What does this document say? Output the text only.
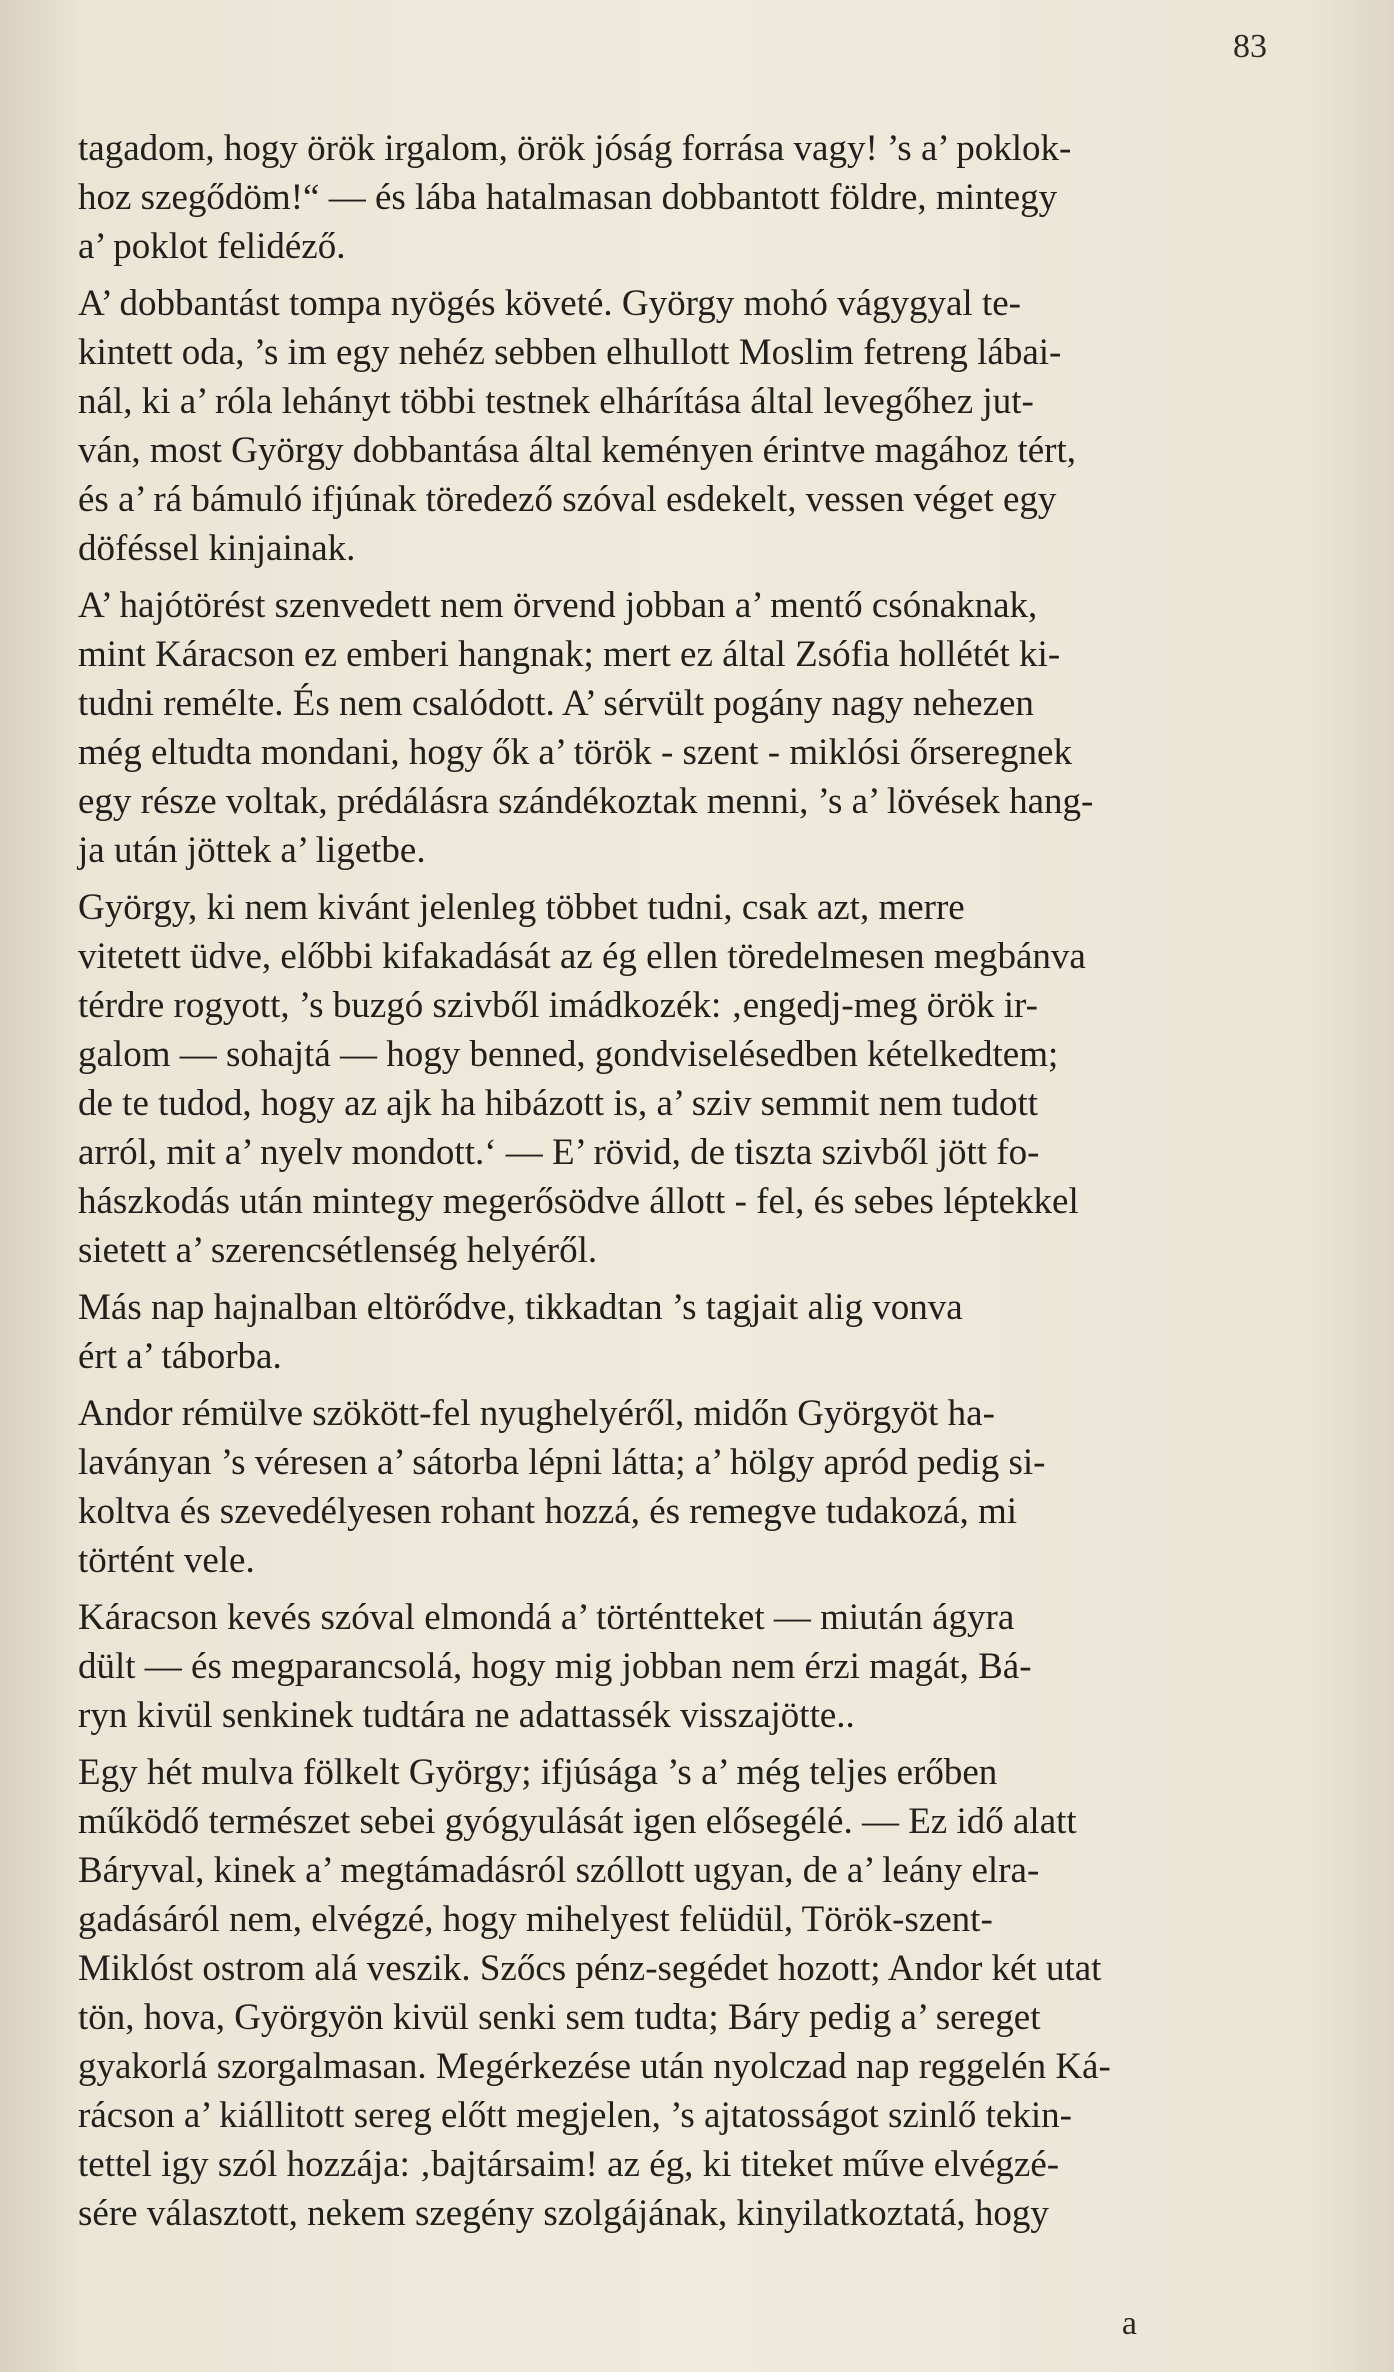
83

tagadom, hogy örök irgalom, örök jóság forrása vagy! ’s a’ poklok-
hoz szegődöm!“ — és lába hatalmasan dobbantott földre, mintegy
a’ poklot felidéző.

A’ dobbantást tompa nyögés követé. György mohó vágygyal te-
kintett oda, ’s im egy nehéz sebben elhullott Moslim fetreng lábai-
nál, ki a’ róla lehányt többi testnek elhárítása által levegőhez jut-
ván, most György dobbantása által keményen érintve magához tért,
és a’ rá bámuló ifjúnak töredező szóval esdekelt, vessen véget egy
döféssel kinjainak.

A’ hajótörést szenvedett nem örvend jobban a’ mentő csónaknak,
mint Káracson ez emberi hangnak; mert ez által Zsófia hollétét ki-
tudni remélte. És nem csalódott. A’ sérvült pogány nagy nehezen
még eltudta mondani, hogy ők a’ török - szent - miklósi őrseregnek
egy része voltak, prédálásra szándékoztak menni, ’s a’ lövések hang-
ja után jöttek a’ ligetbe.

György, ki nem kivánt jelenleg többet tudni, csak azt, merre
vitetett üdve, előbbi kifakadását az ég ellen töredelmesen megbánva
térdre rogyott, ’s buzgó szivből imádkozék: ‚engedj-meg örök ir-
galom — sohajtá — hogy benned, gondviselésedben kételkedtem;
de te tudod, hogy az ajk ha hibázott is, a’ sziv semmit nem tudott
arról, mit a’ nyelv mondott.‘ — E’ rövid, de tiszta szivből jött fo-
hászkodás után mintegy megerősödve állott - fel, és sebes léptekkel
sietett a’ szerencsétlenség helyéről.

Más nap hajnalban eltörődve, tikkadtan ’s tagjait alig vonva
ért a’ táborba.

Andor rémülve szökött-fel nyughelyéről, midőn Györgyöt ha-
laványan ’s véresen a’ sátorba lépni látta; a’ hölgy apród pedig si-
koltva és szevedélyesen rohant hozzá, és remegve tudakozá, mi
történt vele.

Káracson kevés szóval elmondá a’ történtteket — miután ágyra
dült — és megparancsolá, hogy mig jobban nem érzi magát, Bá-
ryn kivül senkinek tudtára ne adattassék visszajötte..

Egy hét mulva fölkelt György; ifjúsága ’s a’ még teljes erőben
működő természet sebei gyógyulását igen elősegélé. — Ez idő alatt
Báryval, kinek a’ megtámadásról szóllott ugyan, de a’ leány elra-
gadásáról nem, elvégzé, hogy mihelyest felüdül, Török-szent-
Miklóst ostrom alá veszik. Szőcs pénz-segédet hozott; Andor két utat
tön, hova, Györgyön kivül senki sem tudta; Báry pedig a’ sereget
gyakorlá szorgalmasan. Megérkezése után nyolczad nap reggelén Ká-
rácson a’ kiállitott sereg előtt megjelen, ’s ajtatosságot szinlő tekin-
tettel igy szól hozzája: ‚bajtársaim! az ég, ki titeket műve elvégzé-
sére választott, nekem szegény szolgájának, kinyilatkoztatá, hogy

a
